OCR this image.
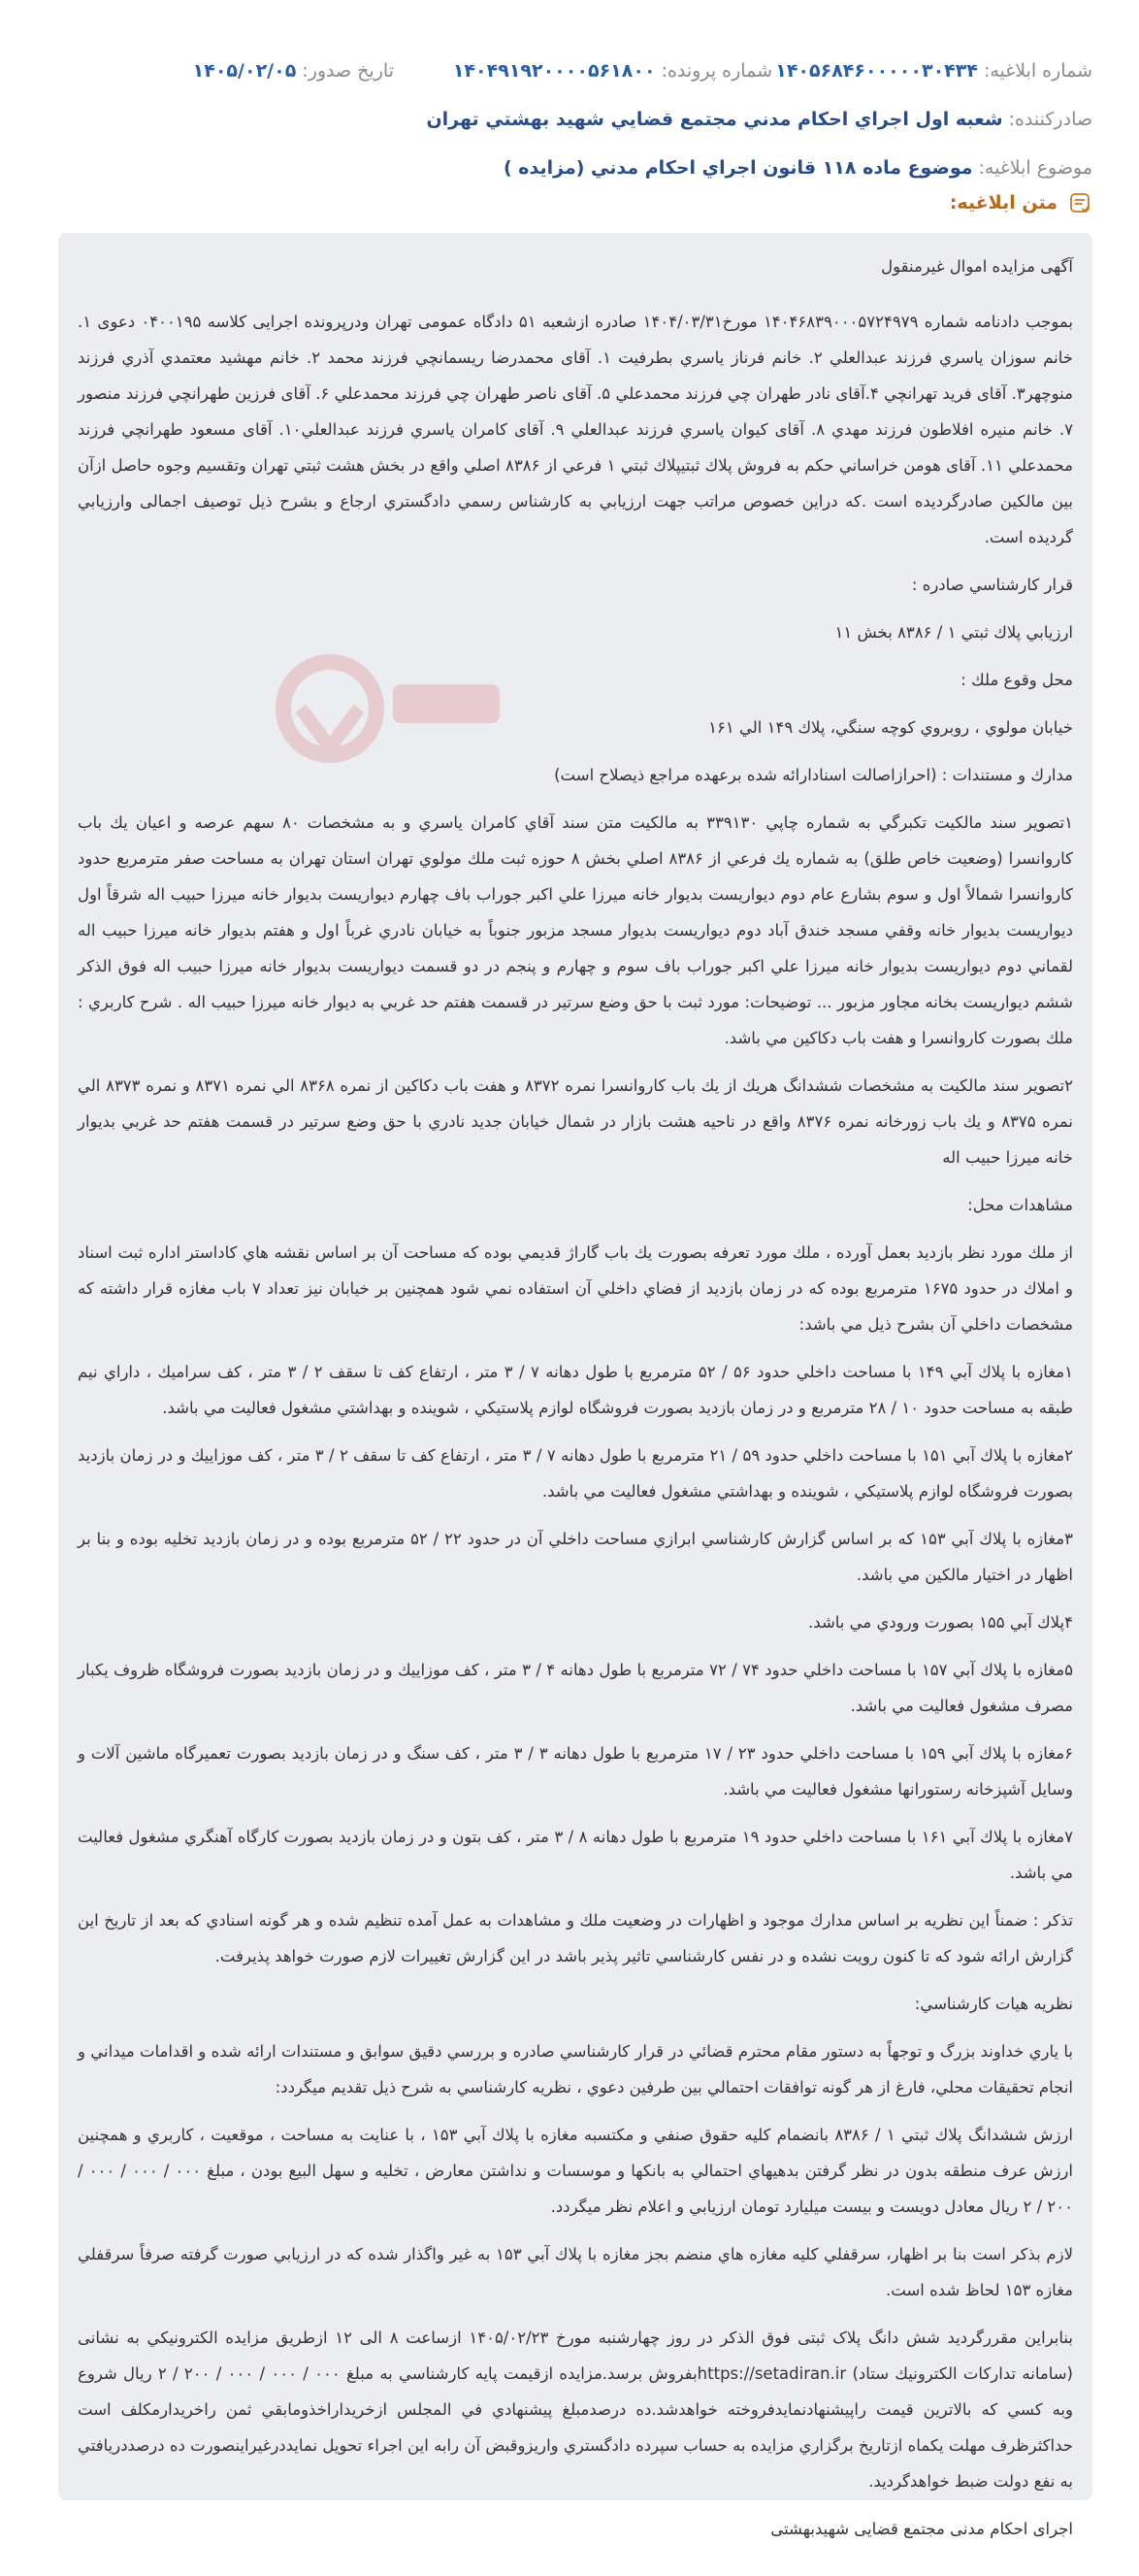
شماره ابلاغیه:
۱۴۰۵۶۸۴۶۰۰۰۰۰۳۰۴۳۴
شماره پرونده:
۱۴۰۴۹۱۹۲۰۰۰۰۵۶۱۸۰۰
تاریخ صدور:
۱۴۰۵/۰۲/۰۵
صادرکننده:
شعبه اول اجراي احكام مدني مجتمع قضايي شهيد بهشتي تهران
موضوع ابلاغیه:
موضوع ماده ۱۱۸ قانون اجراي احكام مدني (مزايده )
متن ابلاغیه:

آگهی مزایده اموال غیرمنقول

بموجب دادنامه شماره ۱۴۰۴۶۸۳۹۰۰۰۵۷۲۴۹۷۹ مورخ۱۴۰۴/۰۳/۳۱ صادره ازشعبه ۵۱ دادگاه عمومی تهران ودرپرونده اجرایی كلاسه ۰۴۰۰۱۹۵ دعوی ۱. خانم سوزان ياسري فرزند عبدالعلي ۲. خانم فرناز ياسري بطرفيت ۱. آقای محمدرضا ریسمانچي فرزند محمد ۲. خانم مهشید معتمدي آذري فرزند منوچهر۳. آقای فرید تهرانچي ۴.آقای نادر طهران چي فرزند محمدعلي ۵. آقای ناصر طهران چي فرزند محمدعلي ۶. آقای فرزین طهرانچي فرزند منصور ۷. خانم منیره افلاطون فرزند مهدي ۸. آقای کیوان ياسري فرزند عبدالعلي ۹. آقای کامران ياسري فرزند عبدالعلي۱۰. آقای مسعود طهرانچي فرزند محمدعلي ۱۱. آقای هومن خراساني حكم به فروش پلاك ثبتيپلاك ثبتي ۱ فرعي از ۸۳۸۶ اصلي واقع در بخش هشت ثبتي تهران وتقسيم وجوه حاصل ازآن بين مالكين صادرگرديده است .كه دراین خصوص مراتب جهت ارزيابي به كارشناس رسمي دادگستري ارجاع و بشرح ذیل توصیف اجمالی وارزيابي گرديده است.

قرار کارشناسي صادره :

ارزيابي پلاك ثبتي ۱ / ۸۳۸۶ بخش ۱۱

محل وقوع ملك :

خيابان مولوي ، روبروي كوچه سنگي، پلاك ۱۴۹ الي ۱۶۱

مدارك و مستندات : (احرازاصالت اسنادارائه شده برعهده مراجع ذيصلاح است)

۱تصوير سند مالكيت تكبرگي به شماره چاپي ۳۳۹۱۳۰ به مالكيت متن سند آقاي كامران ياسري و به مشخصات ۸۰ سهم عرصه و اعيان يك باب كاروانسرا (وضعيت خاص طلق) به شماره يك فرعي از ۸۳۸۶ اصلي بخش ۸ حوزه ثبت ملك مولوي تهران استان تهران به مساحت صفر مترمربع حدود كاروانسرا شمالاً اول و سوم بشارع عام دوم ديواريست بديوار خانه ميرزا علي اكبر جوراب باف چهارم ديواريست بديوار خانه ميرزا حبيب اله شرقاً اول ديواريست بديوار خانه وقفي مسجد خندق آباد دوم ديواريست بديوار مسجد مزبور جنوباً به خيابان نادري غرباً اول و هفتم بديوار خانه ميرزا حبيب اله لقماني دوم ديواريست بديوار خانه ميرزا علي اكبر جوراب باف سوم و چهارم و پنجم در دو قسمت ديواريست بديوار خانه ميرزا حبيب اله فوق الذكر ششم ديواريست بخانه مجاور مزبور ... توضيحات: مورد ثبت با حق وضع سرتير در قسمت هفتم حد غربي به ديوار خانه ميرزا حبيب اله . شرح كاربري : ملك بصورت كاروانسرا و هفت باب دكاكين مي باشد.

۲تصوير سند مالكيت به مشخصات ششدانگ هريك از يك باب كاروانسرا نمره ۸۳۷۲ و هفت باب دكاكين از نمره ۸۳۶۸ الي نمره ۸۳۷۱ و نمره ۸۳۷۳ الي نمره ۸۳۷۵ و يك باب زورخانه نمره ۸۳۷۶ واقع در ناحيه هشت بازار در شمال خيابان جديد نادري با حق وضع سرتير در قسمت هفتم حد غربي بديوار خانه ميرزا حبيب اله

مشاهدات محل:

از ملك مورد نظر بازديد بعمل آورده ، ملك مورد تعرفه بصورت يك باب گاراژ قديمي بوده كه مساحت آن بر اساس نقشه هاي كاداستر اداره ثبت اسناد و املاك در حدود ۱۶۷۵ مترمربع بوده كه در زمان بازديد از فضاي داخلي آن استفاده نمي شود همچنين بر خيابان نيز تعداد ۷ باب مغازه قرار داشته كه مشخصات داخلي آن بشرح ذيل مي باشد:

۱مغازه با پلاك آبي ۱۴۹ با مساحت داخلي حدود ۵۶ / ۵۲ مترمربع با طول دهانه ۷ / ۳ متر ، ارتفاع كف تا سقف ۲ / ۳ متر ، كف سراميك ، داراي نيم طبقه به مساحت حدود ۱۰ / ۲۸ مترمربع و در زمان بازديد بصورت فروشگاه لوازم پلاستيكي ، شوينده و بهداشتي مشغول فعاليت مي باشد.

۲مغازه با پلاك آبي ۱۵۱ با مساحت داخلي حدود ۵۹ / ۲۱ مترمربع با طول دهانه ۷ / ۳ متر ، ارتفاع كف تا سقف ۲ / ۳ متر ، كف موزاييك و در زمان بازديد بصورت فروشگاه لوازم پلاستيكي ، شوينده و بهداشتي مشغول فعاليت مي باشد.

۳مغازه با پلاك آبي ۱۵۳ كه بر اساس گزارش كارشناسي ابرازي مساحت داخلي آن در حدود ۲۲ / ۵۲ مترمربع بوده و در زمان بازديد تخليه بوده و بنا بر اظهار در اختيار مالكين مي باشد.

۴پلاك آبي ۱۵۵ بصورت ورودي مي باشد.

۵مغازه با پلاك آبي ۱۵۷ با مساحت داخلي حدود ۷۴ / ۷۲ مترمربع با طول دهانه ۴ / ۳ متر ، كف موزاييك و در زمان بازديد بصورت فروشگاه ظروف يكبار مصرف مشغول فعاليت مي باشد.

۶مغازه با پلاك آبي ۱۵۹ با مساحت داخلي حدود ۲۳ / ۱۷ مترمربع با طول دهانه ۳ / ۳ متر ، كف سنگ و در زمان بازديد بصورت تعميرگاه ماشين آلات و وسايل آشپزخانه رستورانها مشغول فعاليت مي باشد.

۷مغازه با پلاك آبي ۱۶۱ با مساحت داخلي حدود ۱۹ مترمربع با طول دهانه ۸ / ۳ متر ، كف بتون و در زمان بازديد بصورت كارگاه آهنگري مشغول فعاليت مي باشد.

تذكر : ضمناً اين نظريه بر اساس مدارك موجود و اظهارات در وضعيت ملك و مشاهدات به عمل آمده تنظيم شده و هر گونه اسنادي كه بعد از تاريخ اين گزارش ارائه شود كه تا كنون رويت نشده و در نفس كارشناسي تاثير پذير باشد در اين گزارش تغييرات لازم صورت خواهد پذيرفت.

نظريه هيات كارشناسي:

با ياري خداوند بزرگ و توجهاً به دستور مقام محترم قضائي در قرار كارشناسي صادره و بررسي دقيق سوابق و مستندات ارائه شده و اقدامات ميداني و انجام تحقيقات محلي، فارغ از هر گونه توافقات احتمالي بين طرفين دعوي ، نظريه كارشناسي به شرح ذيل تقديم ميگردد:

ارزش ششدانگ پلاك ثبتي ۱ / ۸۳۸۶ بانضمام كليه حقوق صنفي و مكتسبه مغازه با پلاك آبي ۱۵۳ ، با عنايت به مساحت ، موقعيت ، كاربري و همچنين ارزش عرف منطقه بدون در نظر گرفتن بدهيهاي احتمالي به بانكها و موسسات و نداشتن معارض ، تخليه و سهل البيع بودن ، مبلغ ۰۰۰ / ۰۰۰ / ۰۰۰ / ۲۰۰ / ۲ ريال معادل دويست و بيست ميليارد تومان ارزيابي و اعلام نظر ميگردد.

لازم بذكر است بنا بر اظهار، سرقفلي كليه مغازه هاي منضم بجز مغازه با پلاك آبي ۱۵۳ به غير واگذار شده كه در ارزيابي صورت گرفته صرفاً سرقفلي مغازه ۱۵۳ لحاظ شده است.

بنابراین مقررگردید شش دانگ پلاک ثبتی فوق الذکر در روز چهارشنبه مورخ ۱۴۰۵/۰۲/۲۳ ازساعت ۸ الی ۱۲ ازطریق مزایده الكترونيكي به نشانی (سامانه تداركات الكترونيك ستاد) https://setadiran.irبفروش برسد.مزایده ازقیمت پایه كارشناسي به مبلغ ۰۰۰ / ۰۰۰ / ۰۰۰ / ۲۰۰ / ۲ ريال شروع وبه كسي كه بالاترين قيمت راپيشنهادنمايدفروخته خواهدشد.ده درصدمبلغ پيشنهادي في المجلس ازخريداراخذومابقي ثمن راخريدارمكلف است حداكثرظرف مهلت يكماه ازتاريخ برگزاري مزايده به حساب سپرده دادگستري واريزوقبض آن رابه اين اجراء تحويل نمايددرغيراينصورت ده درصددريافتي به نفع دولت ضبط خواهدگرديد.

اجرای احکام مدنی مجتمع قضایی شهیدبهشتی
